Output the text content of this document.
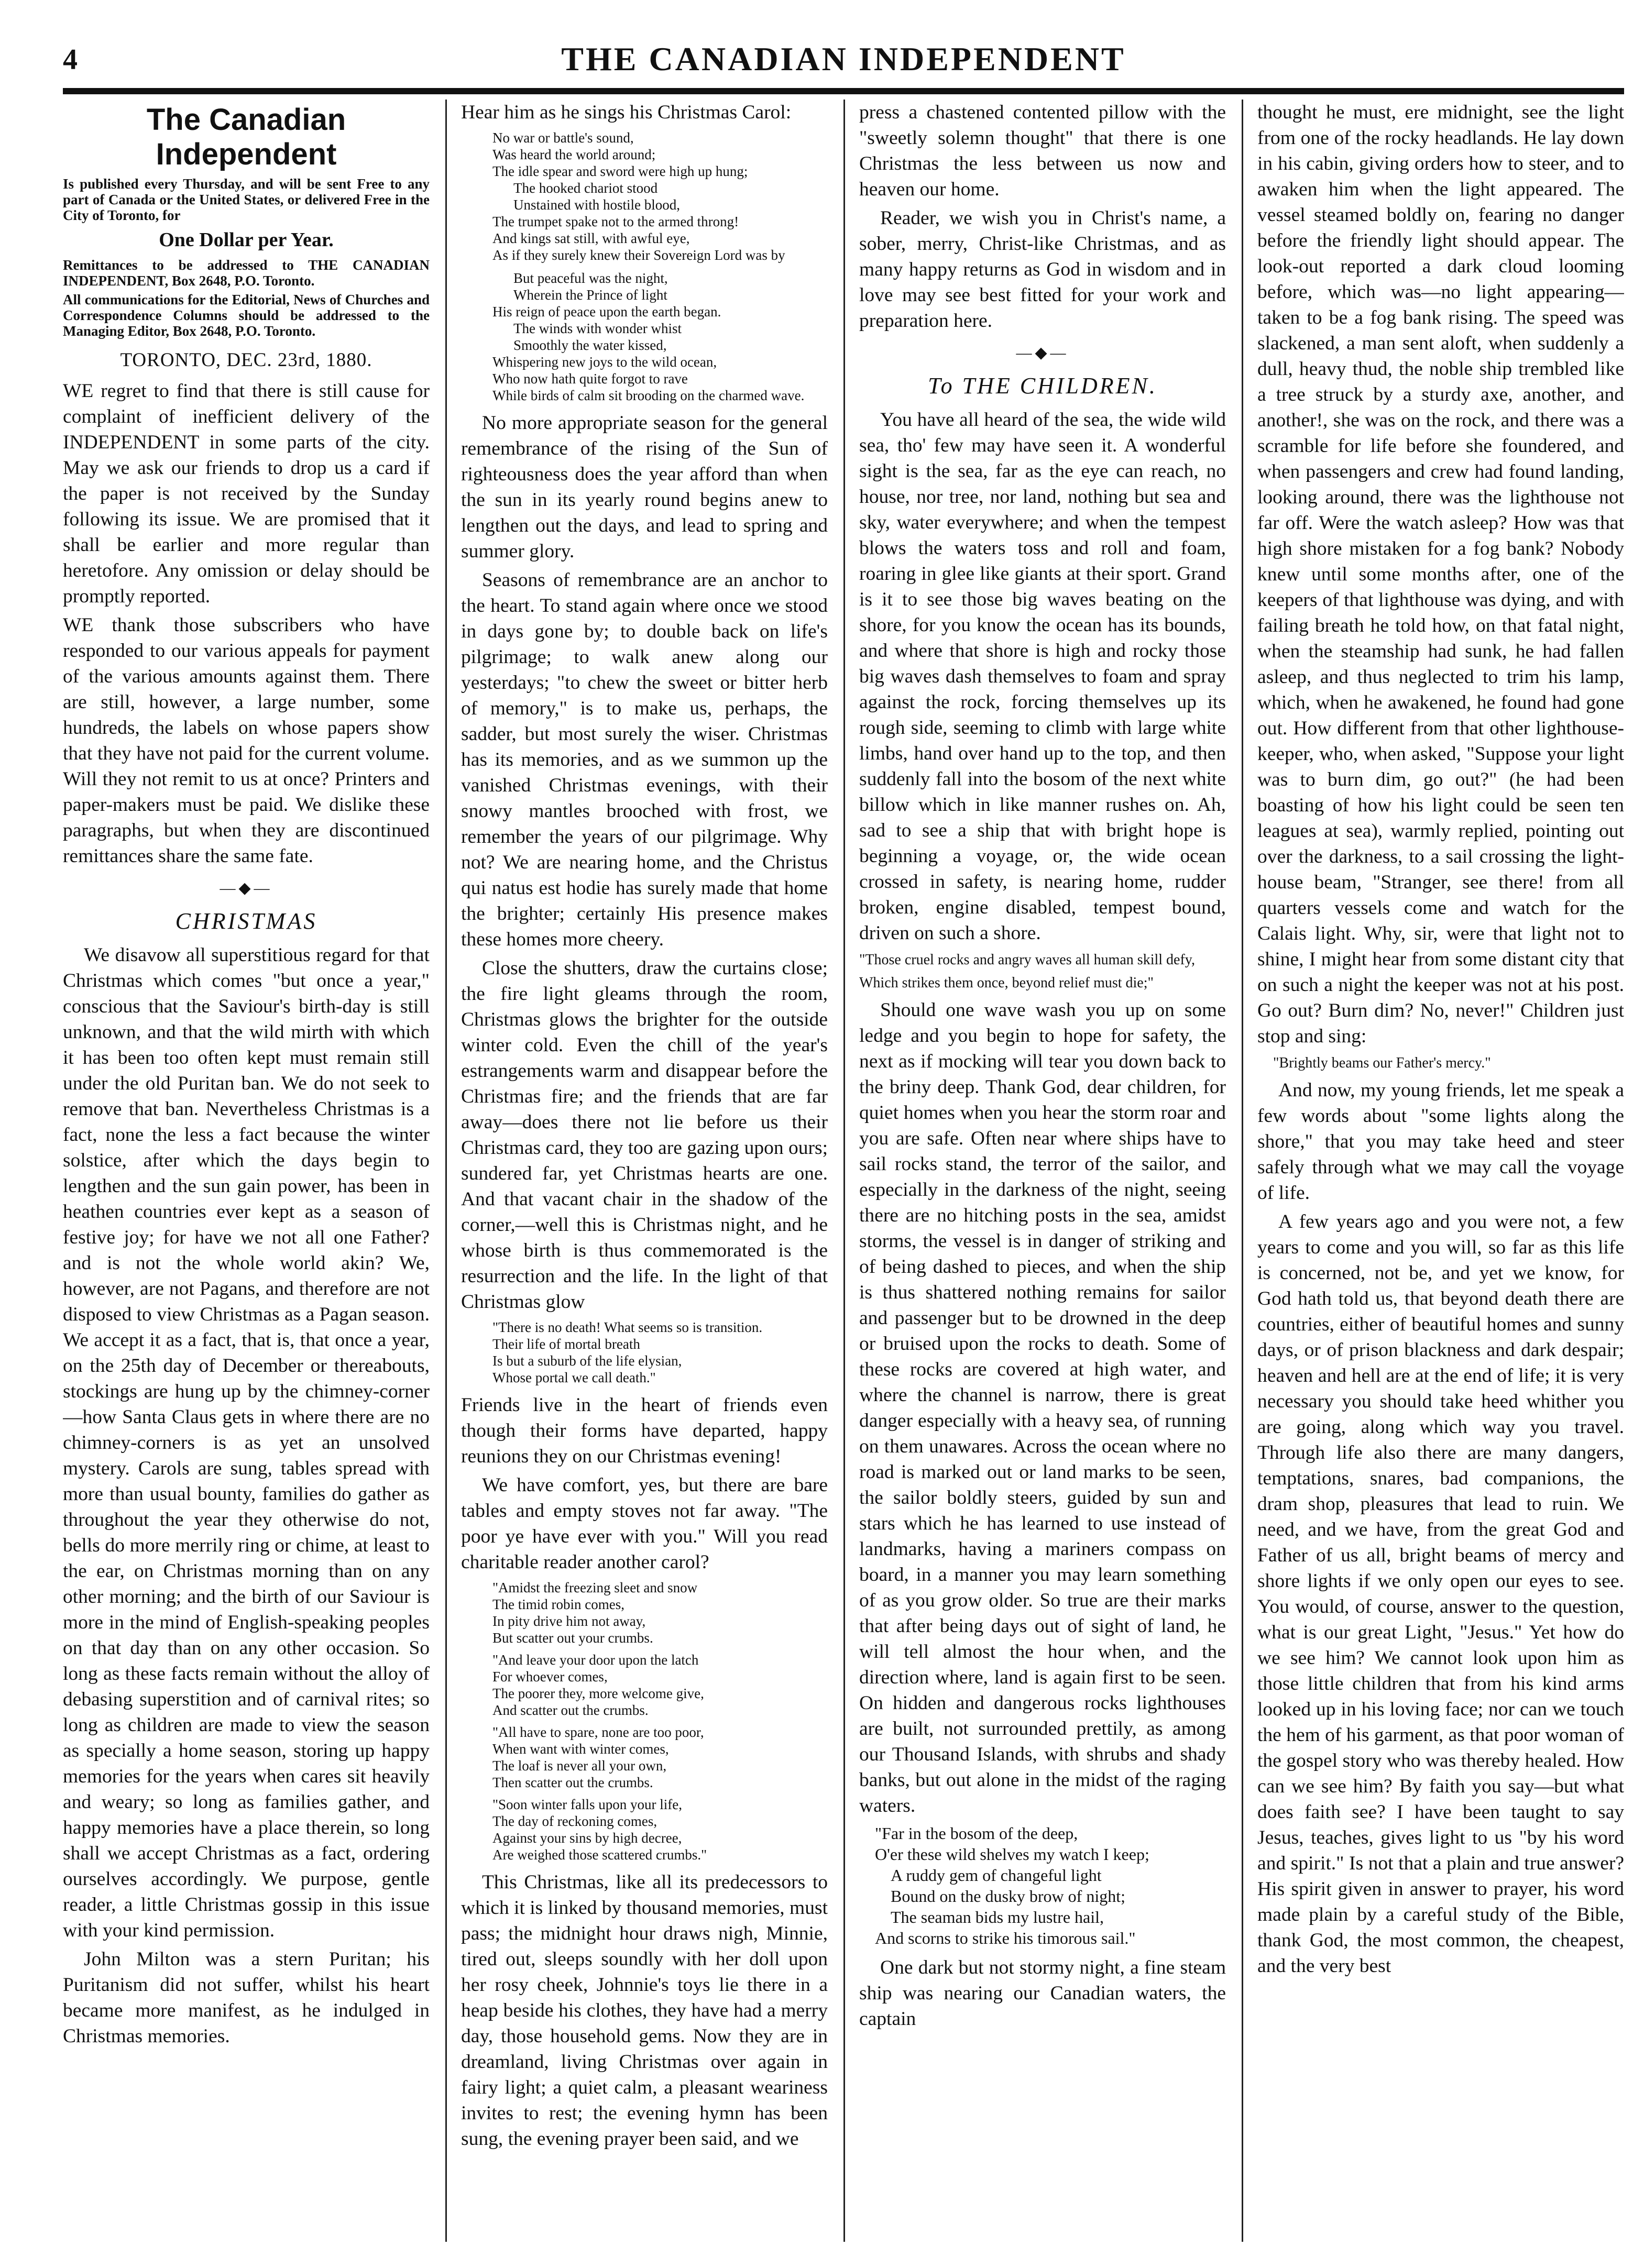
4	THE CANADIAN INDEPENDENT
The Canadian Independent

Is published every Thursday, and will be sent Free to any part of Canada or the United States, or delivered Free in the City of Toronto, for

One Dollar per Year.

Remittances to be addressed to THE CANADIAN INDEPENDENT, Box 2648, P.O. Toronto.

All communications for the Editorial, News of Churches and Correspondence Columns should be addressed to the Managing Editor, Box 2648, P.O. Toronto.

TORONTO, DEC. 23rd, 1880.

WE regret to find that there is still cause for complaint of inefficient delivery of the INDEPENDENT in some parts of the city. May we ask our friends to drop us a card if the paper is not received by the Sunday following its issue. We are promised that it shall be earlier and more regular than heretofore. Any omission or delay should be promptly reported.

WE thank those subscribers who have responded to our various appeals for payment of the various amounts against them. There are still, however, a large number, some hundreds, the labels on whose papers show that they have not paid for the current volume. Will they not remit to us at once? Printers and paper-makers must be paid. We dislike these paragraphs, but when they are discontinued remittances share the same fate.

—◆—

CHRISTMAS

We disavow all superstitious regard for that Christmas which comes "but once a year," conscious that the Saviour's birth-day is still unknown, and that the wild mirth with which it has been too often kept must remain still under the old Puritan ban. We do not seek to remove that ban. Nevertheless Christmas is a fact, none the less a fact because the winter solstice, after which the days begin to lengthen and the sun gain power, has been in heathen countries ever kept as a season of festive joy; for have we not all one Father? and is not the whole world akin? We, however, are not Pagans, and therefore are not disposed to view Christmas as a Pagan season. We accept it as a fact, that is, that once a year, on the 25th day of December or thereabouts, stockings are hung up by the chimney-corner—how Santa Claus gets in where there are no chimney-corners is as yet an unsolved mystery. Carols are sung, tables spread with more than usual bounty, families do gather as throughout the year they otherwise do not, bells do more merrily ring or chime, at least to the ear, on Christmas morning than on any other morning; and the birth of our Saviour is more in the mind of English-speaking peoples on that day than on any other occasion. So long as these facts remain without the alloy of debasing superstition and of carnival rites; so long as children are made to view the season as specially a home season, storing up happy memories for the years when cares sit heavily and weary; so long as families gather, and happy memories have a place therein, so long shall we accept Christmas as a fact, ordering ourselves accordingly. We purpose, gentle reader, a little Christmas gossip in this issue with your kind permission.

John Milton was a stern Puritan; his Puritanism did not suffer, whilst his heart became more manifest, as he indulged in Christmas memories.

Hear him as he sings his Christmas Carol:

No war or battle's sound,
Was heard the world around;
The idle spear and sword were high up hung;
The hooked chariot stood
Unstained with hostile blood,
The trumpet spake not to the armed throng!
And kings sat still, with awful eye,
As if they surely knew their Sovereign Lord was by
But peaceful was the night,
Wherein the Prince of light
His reign of peace upon the earth began.
The winds with wonder whist
Smoothly the water kissed,
Whispering new joys to the wild ocean,
Who now hath quite forgot to rave
While birds of calm sit brooding on the charmed wave.

No more appropriate season for the general remembrance of the rising of the Sun of righteousness does the year afford than when the sun in its yearly round begins anew to lengthen out the days, and lead to spring and summer glory.

Seasons of remembrance are an anchor to the heart. To stand again where once we stood in days gone by; to double back on life's pilgrimage; to walk anew along our yesterdays; "to chew the sweet or bitter herb of memory," is to make us, perhaps, the sadder, but most surely the wiser. Christmas has its memories, and as we summon up the vanished Christmas evenings, with their snowy mantles brooched with frost, we remember the years of our pilgrimage. Why not? We are nearing home, and the Christus qui natus est hodie has surely made that home the brighter; certainly His presence makes these homes more cheery.

Close the shutters, draw the curtains close; the fire light gleams through the room, Christmas glows the brighter for the outside winter cold. Even the chill of the year's estrangements warm and disappear before the Christmas fire; and the friends that are far away—does there not lie before us their Christmas card, they too are gazing upon ours; sundered far, yet Christmas hearts are one. And that vacant chair in the shadow of the corner,—well this is Christmas night, and he whose birth is thus commemorated is the resurrection and the life. In the light of that Christmas glow

"There is no death! What seems so is transition.
Their life of mortal breath
Is but a suburb of the life elysian,
Whose portal we call death."

Friends live in the heart of friends even though their forms have departed, happy reunions they on our Christmas evening!

We have comfort, yes, but there are bare tables and empty stoves not far away. "The poor ye have ever with you." Will you read charitable reader another carol?

"Amidst the freezing sleet and snow
The timid robin comes,
In pity drive him not away,
But scatter out your crumbs.
"And leave your door upon the latch
For whoever comes,
The poorer they, more welcome give,
And scatter out the crumbs.
"All have to spare, none are too poor,
When want with winter comes,
The loaf is never all your own,
Then scatter out the crumbs.
"Soon winter falls upon your life,
The day of reckoning comes,
Against your sins by high decree,
Are weighed those scattered crumbs."

This Christmas, like all its predecessors to which it is linked by thousand memories, must pass; the midnight hour draws nigh, Minnie, tired out, sleeps soundly with her doll upon her rosy cheek, Johnnie's toys lie there in a heap beside his clothes, they have had a merry day, those household gems. Now they are in dreamland, living Christmas over again in fairy light; a quiet calm, a pleasant weariness invites to rest; the evening hymn has been sung, the evening prayer been said, and we

press a chastened contented pillow with the "sweetly solemn thought" that there is one Christmas the less between us now and heaven our home.

Reader, we wish you in Christ's name, a sober, merry, Christ-like Christmas, and as many happy returns as God in wisdom and in love may see best fitted for your work and preparation here.

—◆—

To THE CHILDREN.

You have all heard of the sea, the wide wild sea, tho' few may have seen it. A wonderful sight is the sea, far as the eye can reach, no house, nor tree, nor land, nothing but sea and sky, water everywhere; and when the tempest blows the waters toss and roll and foam, roaring in glee like giants at their sport. Grand is it to see those big waves beating on the shore, for you know the ocean has its bounds, and where that shore is high and rocky those big waves dash themselves to foam and spray against the rock, forcing themselves up its rough side, seeming to climb with large white limbs, hand over hand up to the top, and then suddenly fall into the bosom of the next white billow which in like manner rushes on. Ah, sad to see a ship that with bright hope is beginning a voyage, or, the wide ocean crossed in safety, is nearing home, rudder broken, engine disabled, tempest bound, driven on such a shore.

"Those cruel rocks and angry waves all human skill defy,

Which strikes them once, beyond relief must die;"

Should one wave wash you up on some ledge and you begin to hope for safety, the next as if mocking will tear you down back to the briny deep. Thank God, dear children, for quiet homes when you hear the storm roar and you are safe. Often near where ships have to sail rocks stand, the terror of the sailor, and especially in the darkness of the night, seeing there are no hitching posts in the sea, amidst storms, the vessel is in danger of striking and of being dashed to pieces, and when the ship is thus shattered nothing remains for sailor and passenger but to be drowned in the deep or bruised upon the rocks to death. Some of these rocks are covered at high water, and where the channel is narrow, there is great danger especially with a heavy sea, of running on them unawares. Across the ocean where no road is marked out or land marks to be seen, the sailor boldly steers, guided by sun and stars which he has learned to use instead of landmarks, having a mariners compass on board, in a manner you may learn something of as you grow older. So true are their marks that after being days out of sight of land, he will tell almost the hour when, and the direction where, land is again first to be seen. On hidden and dangerous rocks lighthouses are built, not surrounded prettily, as among our Thousand Islands, with shrubs and shady banks, but out alone in the midst of the raging waters.

"Far in the bosom of the deep,
O'er these wild shelves my watch I keep;
A ruddy gem of changeful light
Bound on the dusky brow of night;
The seaman bids my lustre hail,
And scorns to strike his timorous sail."

One dark but not stormy night, a fine steam ship was nearing our Canadian waters, the captain

thought he must, ere midnight, see the light from one of the rocky headlands. He lay down in his cabin, giving orders how to steer, and to awaken him when the light appeared. The vessel steamed boldly on, fearing no danger before the friendly light should appear. The look-out reported a dark cloud looming before, which was—no light appearing—taken to be a fog bank rising. The speed was slackened, a man sent aloft, when suddenly a dull, heavy thud, the noble ship trembled like a tree struck by a sturdy axe, another, and another!, she was on the rock, and there was a scramble for life before she foundered, and when passengers and crew had found landing, looking around, there was the lighthouse not far off. Were the watch asleep? How was that high shore mistaken for a fog bank? Nobody knew until some months after, one of the keepers of that lighthouse was dying, and with failing breath he told how, on that fatal night, when the steamship had sunk, he had fallen asleep, and thus neglected to trim his lamp, which, when he awakened, he found had gone out. How different from that other lighthouse-keeper, who, when asked, "Suppose your light was to burn dim, go out?" (he had been boasting of how his light could be seen ten leagues at sea), warmly replied, pointing out over the darkness, to a sail crossing the light-house beam, "Stranger, see there! from all quarters vessels come and watch for the Calais light. Why, sir, were that light not to shine, I might hear from some distant city that on such a night the keeper was not at his post. Go out? Burn dim? No, never!" Children just stop and sing:

"Brightly beams our Father's mercy."

And now, my young friends, let me speak a few words about "some lights along the shore," that you may take heed and steer safely through what we may call the voyage of life.

A few years ago and you were not, a few years to come and you will, so far as this life is concerned, not be, and yet we know, for God hath told us, that beyond death there are countries, either of beautiful homes and sunny days, or of prison blackness and dark despair; heaven and hell are at the end of life; it is very necessary you should take heed whither you are going, along which way you travel. Through life also there are many dangers, temptations, snares, bad companions, the dram shop, pleasures that lead to ruin. We need, and we have, from the great God and Father of us all, bright beams of mercy and shore lights if we only open our eyes to see. You would, of course, answer to the question, what is our great Light, "Jesus." Yet how do we see him? We cannot look upon him as those little children that from his kind arms looked up in his loving face; nor can we touch the hem of his garment, as that poor woman of the gospel story who was thereby healed. How can we see him? By faith you say—but what does faith see? I have been taught to say Jesus, teaches, gives light to us "by his word and spirit." Is not that a plain and true answer? His spirit given in answer to prayer, his word made plain by a careful study of the Bible, thank God, the most common, the cheapest, and the very best
